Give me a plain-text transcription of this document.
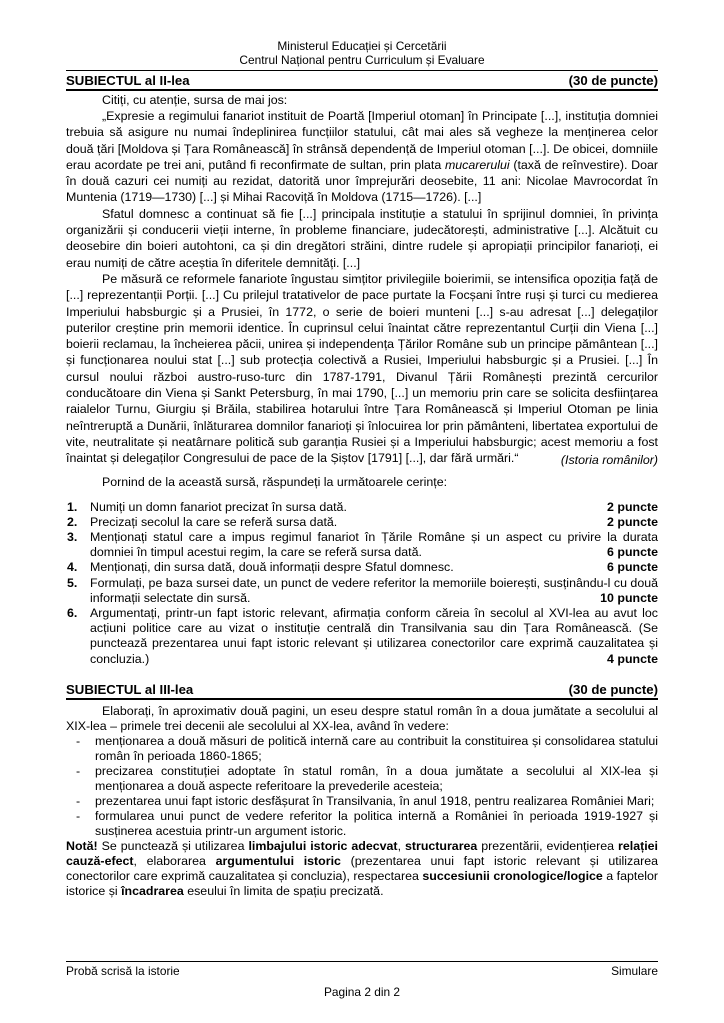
Ministerul Educației și Cercetării
Centrul Național pentru Curriculum și Evaluare
SUBIECTUL al II-lea	(30 de puncte)

Citiți, cu atenție, sursa de mai jos:

„Expresie a regimului fanariot instituit de Poartă [Imperiul otoman] în Principate [...], instituția domniei trebuia să asigure nu numai îndeplinirea funcțiilor statului, cât mai ales să vegheze la menținerea celor două țări [Moldova și Țara Românească] în strânsă dependență de Imperiul otoman [...]. De obicei, domniile erau acordate pe trei ani, putând fi reconfirmate de sultan, prin plata mucarerului (taxă de reînvestire). Doar în două cazuri cei numiți au rezidat, datorită unor împrejurări deosebite, 11 ani: Nicolae Mavrocordat în Muntenia (1719—1730) [...] și Mihai Racoviță în Moldova (1715—1726). [...]

Sfatul domnesc a continuat să fie [...] principala instituție a statului în sprijinul domniei, în privința organizării și conducerii vieții interne, în probleme financiare, judecătorești, administrative [...]. Alcătuit cu deosebire din boieri autohtoni, ca și din dregători străini, dintre rudele și apropiații principilor fanarioți, ei erau numiți de către aceștia în diferitele demnități. [...]

Pe măsură ce reformele fanariote îngustau simțitor privilegiile boierimii, se intensifica opoziția față de [...] reprezentanții Porții. [...] Cu prilejul tratativelor de pace purtate la Focșani între ruși și turci cu medierea Imperiului habsburgic și a Prusiei, în 1772, o serie de boieri munteni [...] s-au adresat [...] delegaților puterilor creștine prin memorii identice. În cuprinsul celui înaintat către reprezentantul Curții din Viena [...] boierii reclamau, la încheierea păcii, unirea și independența Țărilor Române sub un principe pământean [...] și funcționarea noului stat [...] sub protecția colectivă a Rusiei, Imperiului habsburgic și a Prusiei. [...] În cursul noului război austro-ruso-turc din 1787-1791, Divanul Țării Românești prezintă cercurilor conducătoare din Viena și Sankt Petersburg, în mai 1790, [...] un memoriu prin care se solicita desființarea raialelor Turnu, Giurgiu și Brăila, stabilirea hotarului între Țara Românească și Imperiul Otoman pe linia neîntreruptă a Dunării, înlăturarea domnilor fanarioți și înlocuirea lor prin pământeni, libertatea exportului de vite, neutralitate și neatârnare politică sub garanția Rusiei și a Imperiului habsburgic; acest memoriu a fost înaintat și delegaților Congresului de pace de la Șiștov [1791] [...], dar fără urmări.“	(Istoria românilor)

Pornind de la această sursă, răspundeți la următoarele cerințe:

1. Numiți un domn fanariot precizat în sursa dată.	2 puncte
2. Precizați secolul la care se referă sursa dată.	2 puncte
3. Menționați statul care a impus regimul fanariot în Țările Române și un aspect cu privire la durata domniei în timpul acestui regim, la care se referă sursa dată.	6 puncte
4. Menționați, din sursa dată, două informații despre Sfatul domnesc.	6 puncte
5. Formulați, pe baza sursei date, un punct de vedere referitor la memoriile boierești, susținându-l cu două informații selectate din sursă.	10 puncte
6. Argumentați, printr-un fapt istoric relevant, afirmația conform căreia în secolul al XVI-lea au avut loc acțiuni politice care au vizat o instituție centrală din Transilvania sau din Țara Românească. (Se punctează prezentarea unui fapt istoric relevant și utilizarea conectorilor care exprimă cauzalitatea și concluzia.)	4 puncte
SUBIECTUL al III-lea	(30 de puncte)

Elaborați, în aproximativ două pagini, un eseu despre statul român în a doua jumătate a secolului al XIX-lea – primele trei decenii ale secolului al XX-lea, având în vedere:

- menționarea a două măsuri de politică internă care au contribuit la constituirea și consolidarea statului român în perioada 1860-1865;
- precizarea constituției adoptate în statul român, în a doua jumătate a secolului al XIX-lea și menționarea a două aspecte referitoare la prevederile acesteia;
- prezentarea unui fapt istoric desfășurat în Transilvania, în anul 1918, pentru realizarea României Mari;
- formularea unui punct de vedere referitor la politica internă a României în perioada 1919-1927 și susținerea acestuia printr-un argument istoric.

Notă! Se punctează și utilizarea limbajului istoric adecvat, structurarea prezentării, evidențierea relației cauză-efect, elaborarea argumentului istoric (prezentarea unui fapt istoric relevant și utilizarea conectorilor care exprimă cauzalitatea și concluzia), respectarea succesiunii cronologice/logice a faptelor istorice și încadrarea eseului în limita de spațiu precizată.

Probă scrisă la istorie	Simulare
Pagina 2 din 2
